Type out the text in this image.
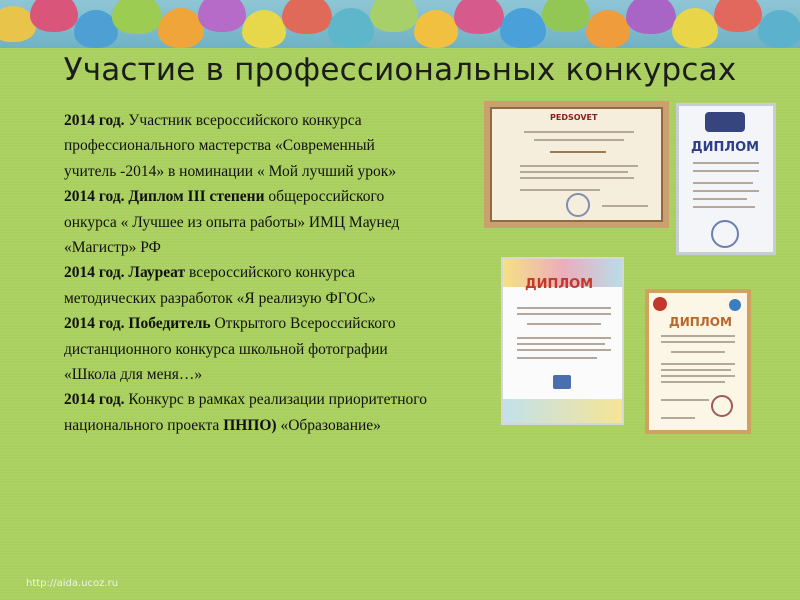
Участие в профессиональных конкурсах
2014 год. Участник всероссийского конкурса
профессионального мастерства «Современный
учитель -2014» в номинации « Мой лучший урок»
2014 год. Диплом III степени общероссийского
онкурса « Лучшее из опыта работы» ИМЦ Маунед
«Магистр» РФ
2014 год. Лауреат всероссийского конкурса
методических разработок «Я реализую ФГОС»
2014 год. Победитель Открытого Всероссийского
дистанционного конкурса школьной фотографии
«Школа для меня…»
2014 год. Конкурс в рамках реализации приоритетного
национального проекта ПНПО) «Образование»
PEDSOVET
ДИПЛОМ
ДИПЛОМ
ДИПЛОМ
http://aida.ucoz.ru
